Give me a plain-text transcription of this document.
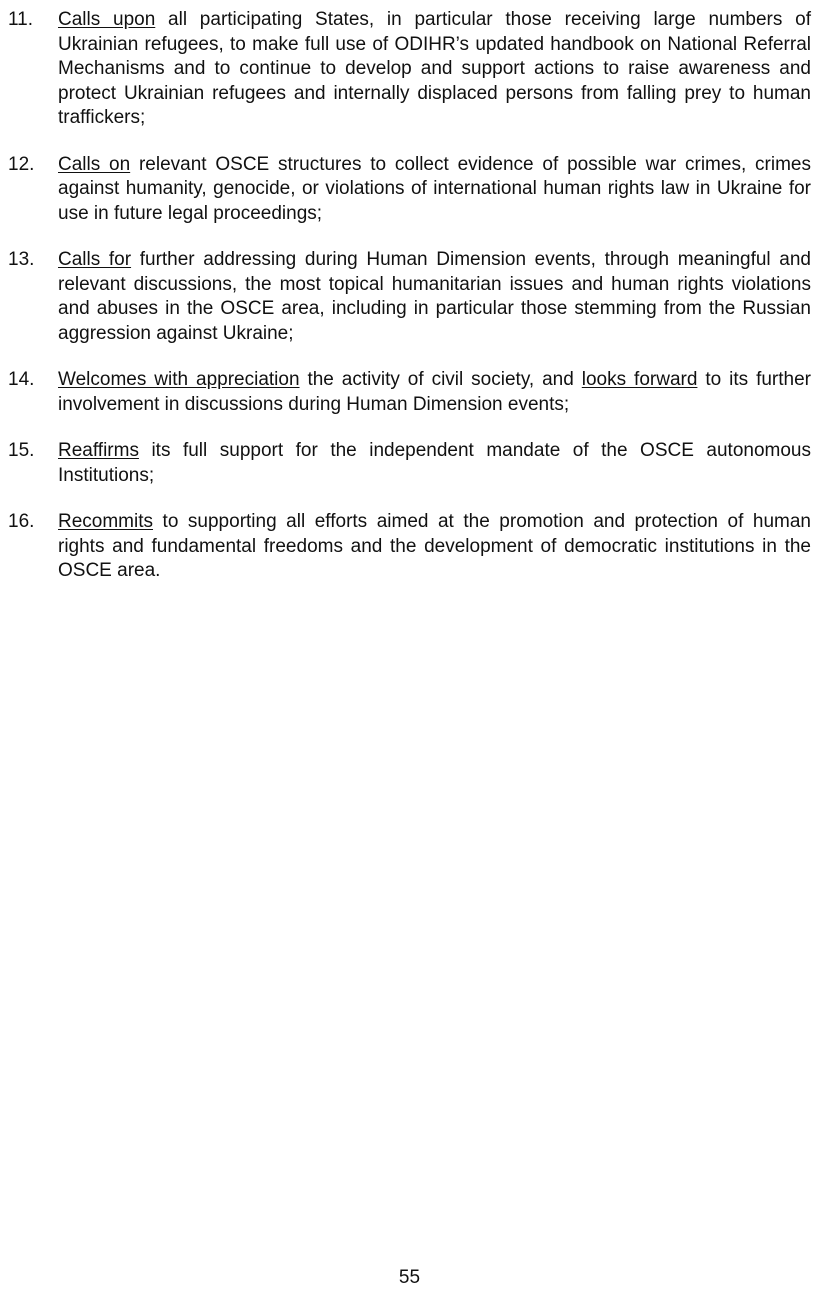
11.	Calls upon all participating States, in particular those receiving large numbers of Ukrainian refugees, to make full use of ODIHR’s updated handbook on National Referral Mechanisms and to continue to develop and support actions to raise awareness and protect Ukrainian refugees and internally displaced persons from falling prey to human traffickers;
12.	Calls on relevant OSCE structures to collect evidence of possible war crimes, crimes against humanity, genocide, or violations of international human rights law in Ukraine for use in future legal proceedings;
13.	Calls for further addressing during Human Dimension events, through meaningful and relevant discussions, the most topical humanitarian issues and human rights violations and abuses in the OSCE area, including in particular those stemming from the Russian aggression against Ukraine;
14.	Welcomes with appreciation the activity of civil society, and looks forward to its further involvement in discussions during Human Dimension events;
15.	Reaffirms its full support for the independent mandate of the OSCE autonomous Institutions;
16.	Recommits to supporting all efforts aimed at the promotion and protection of human rights and fundamental freedoms and the development of democratic institutions in the OSCE area.
55
